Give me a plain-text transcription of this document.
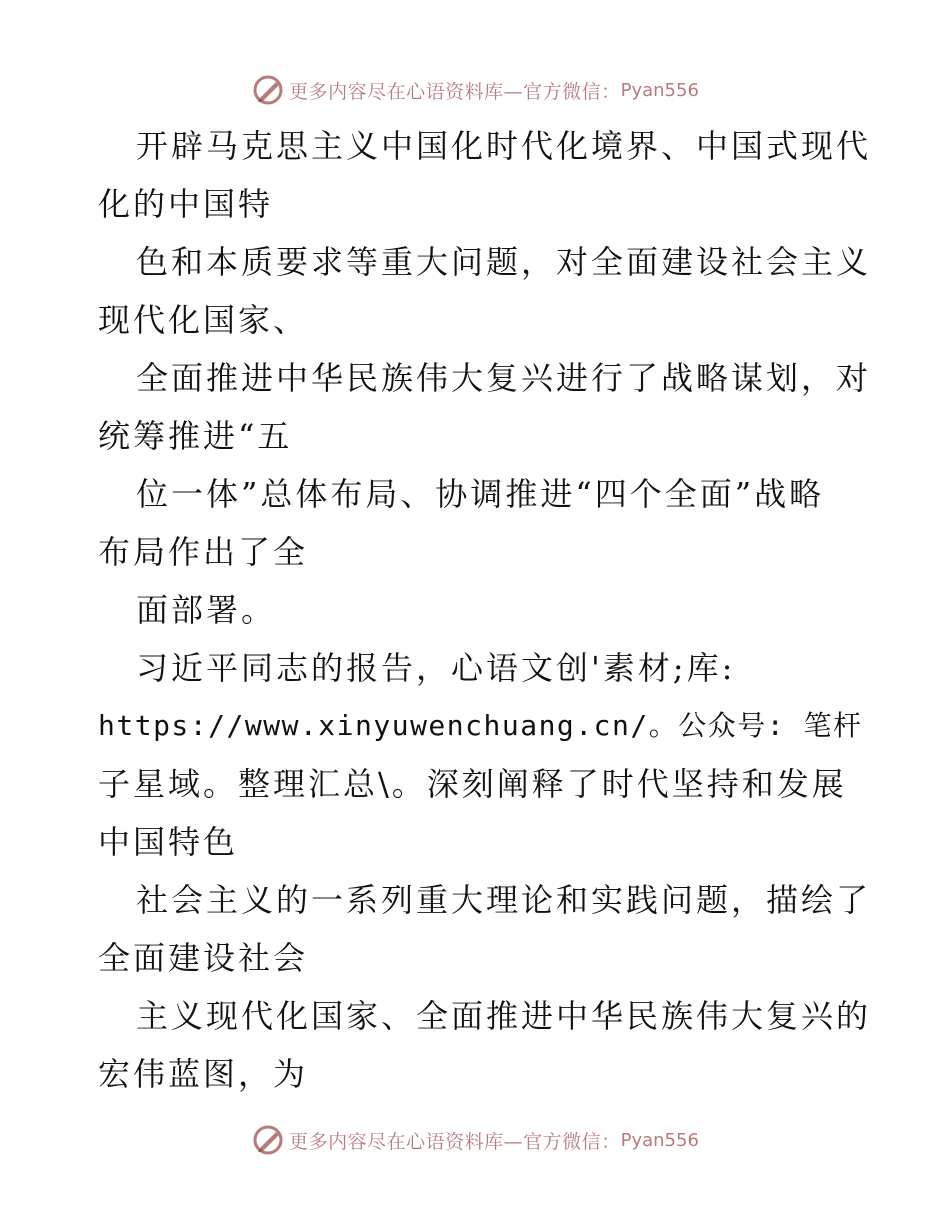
更多内容尽在心语资料库—官方微信： Pyan556
开辟马克思主义中国化时代化境界、中国式现代
化的中国特
色和本质要求等重大问题，对全面建设社会主义
现代化国家、
全面推进中华民族伟大复兴进行了战略谋划，对
统筹推进“五
位一体”总体布局、协调推进“四个全面”战略
布局作出了全
面部署。
习近平同志的报告，心语文创'素材;库:
https://www.xinyuwenchuang.cn/。公众号: 笔杆
子星域。整理汇总\。深刻阐释了时代坚持和发展
中国特色
社会主义的一系列重大理论和实践问题，描绘了
全面建设社会
主义现代化国家、全面推进中华民族伟大复兴的
宏伟蓝图，为
更多内容尽在心语资料库—官方微信： Pyan556
